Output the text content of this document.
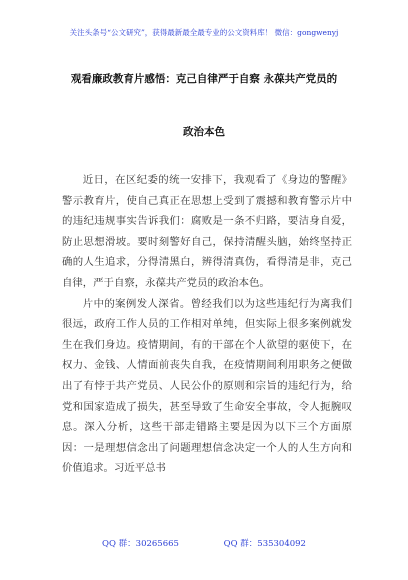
关注头条号“公文研究”，获得最新最全最专业的公文资料库！ 微信：gongwenyj
观看廉政教育片感悟：克己自律严于自察 永葆共产党员的
政治本色

近日，在区纪委的统一安排下，我观看了《身边的警醒》警示教育片，使自己真正在思想上受到了震撼和教育警示片中的违纪违规事实告诉我们：腐败是一条不归路，要洁身自爱，防止思想滑坡。要时刻警好自己，保持清醒头脑，始终坚持正确的人生追求，分得清黑白，辨得清真伪，看得清是非，克己自律，严于自察，永葆共产党员的政治本色。

片中的案例发人深省。曾经我们以为这些违纪行为离我们很远，政府工作人员的工作相对单纯，但实际上很多案例就发生在我们身边。疫情期间，有的干部在个人欲望的驱使下，在权力、金钱、人情面前丧失自我，在疫情期间利用职务之便做出了有悖于共产党员、人民公仆的原则和宗旨的违纪行为，给党和国家造成了损失，甚至导致了生命安全事故，令人扼腕叹息。深入分析，这些干部走错路主要是因为以下三个方面原因：一是理想信念出了问题理想信念决定一个人的人生方向和价值追求。习近平总书

QQ 群：30265665	QQ 群：535304092
